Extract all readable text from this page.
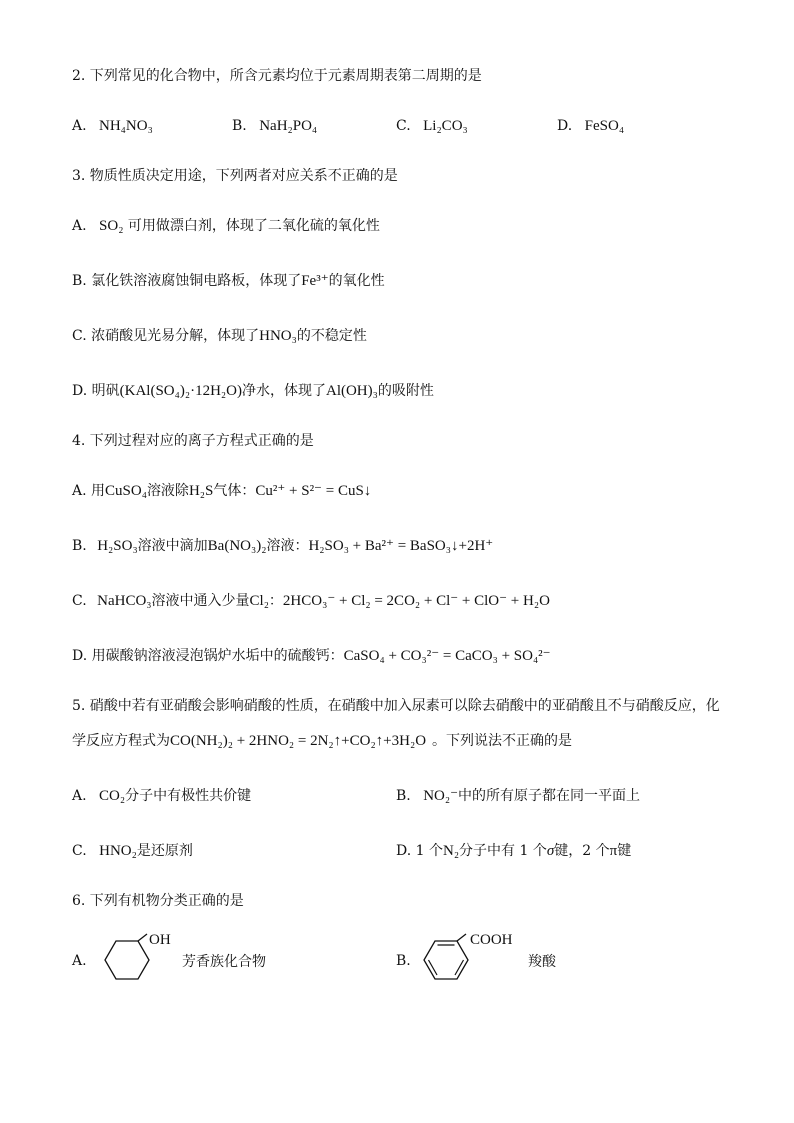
2. 下列常见的化合物中，所含元素均位于元素周期表第二周期的是
A. NH₄NO₃	B. NaH₂PO₄	C. Li₂CO₃	D. FeSO₄
3. 物质性质决定用途，下列两者对应关系不正确的是
A. SO₂ 可用做漂白剂，体现了二氧化硫的氧化性
B. 氯化铁溶液腐蚀铜电路板，体现了Fe³⁺的氧化性
C. 浓硝酸见光易分解，体现了HNO₃的不稳定性
D. 明矾(KAl(SO₄)₂·12H₂O)净水，体现了Al(OH)₃的吸附性
4. 下列过程对应的离子方程式正确的是
A. 用CuSO₄溶液除H₂S气体：Cu²⁺ + S²⁻ = CuS↓
B. H₂SO₃溶液中滴加Ba(NO₃)₂溶液：H₂SO₃ + Ba²⁺ = BaSO₃↓+2H⁺
C. NaHCO₃溶液中通入少量Cl₂：2HCO₃⁻ + Cl₂ = 2CO₂ + Cl⁻ + ClO⁻ + H₂O
D. 用碳酸钠溶液浸泡锅炉水垢中的硫酸钙：CaSO₄ + CO₃²⁻ = CaCO₃ + SO₄²⁻
5. 硝酸中若有亚硝酸会影响硝酸的性质，在硝酸中加入尿素可以除去硝酸中的亚硝酸且不与硝酸反应，化
学反应方程式为CO(NH₂)₂ + 2HNO₂ = 2N₂↑+CO₂↑+3H₂O 。下列说法不正确的是
A. CO₂分子中有极性共价键	B. NO₂⁻中的所有原子都在同一平面上
C. HNO₂是还原剂	D. 1 个N₂分子中有 1 个σ键，2 个π键
6. 下列有机物分类正确的是
A.
OH
芳香族化合物	B.
COOH
羧酸
